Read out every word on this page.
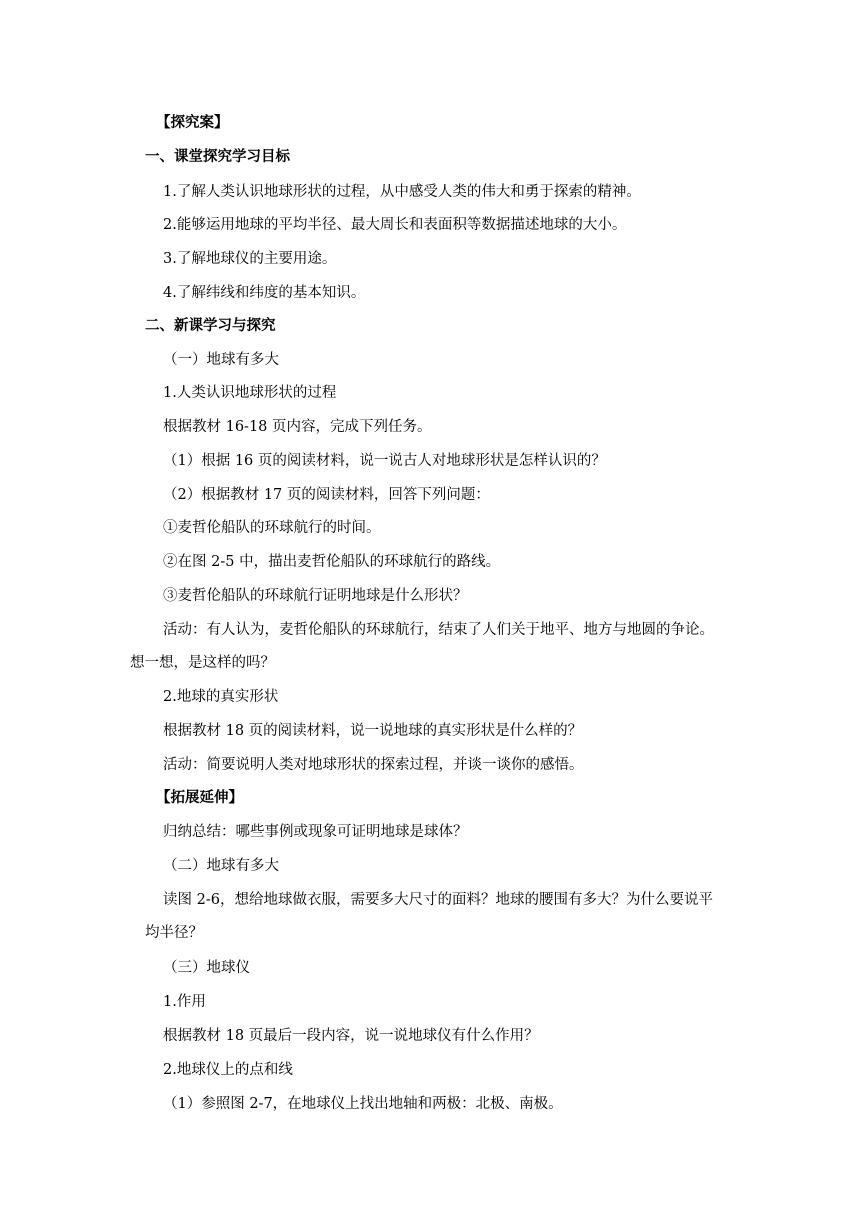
【探究案】
一、课堂探究学习目标
1.了解人类认识地球形状的过程，从中感受人类的伟大和勇于探索的精神。
2.能够运用地球的平均半径、最大周长和表面积等数据描述地球的大小。
3.了解地球仪的主要用途。
4.了解纬线和纬度的基本知识。
二、新课学习与探究
（一）地球有多大
1.人类认识地球形状的过程
根据教材 16-18 页内容，完成下列任务。
（1）根据 16 页的阅读材料，说一说古人对地球形状是怎样认识的？
（2）根据教材 17 页的阅读材料，回答下列问题：
①麦哲伦船队的环球航行的时间。
②在图 2-5 中，描出麦哲伦船队的环球航行的路线。
③麦哲伦船队的环球航行证明地球是什么形状？
活动：有人认为，麦哲伦船队的环球航行，结束了人们关于地平、地方与地圆的争论。
想一想，是这样的吗？
2.地球的真实形状
根据教材 18 页的阅读材料，说一说地球的真实形状是什么样的？
活动：简要说明人类对地球形状的探索过程，并谈一谈你的感悟。
【拓展延伸】
归纳总结：哪些事例或现象可证明地球是球体？
（二）地球有多大
读图 2-6，想给地球做衣服，需要多大尺寸的面料？地球的腰围有多大？为什么要说平
均半径？
（三）地球仪
1.作用
根据教材 18 页最后一段内容，说一说地球仪有什么作用？
2.地球仪上的点和线
（1）参照图 2-7，在地球仪上找出地轴和两极：北极、南极。
